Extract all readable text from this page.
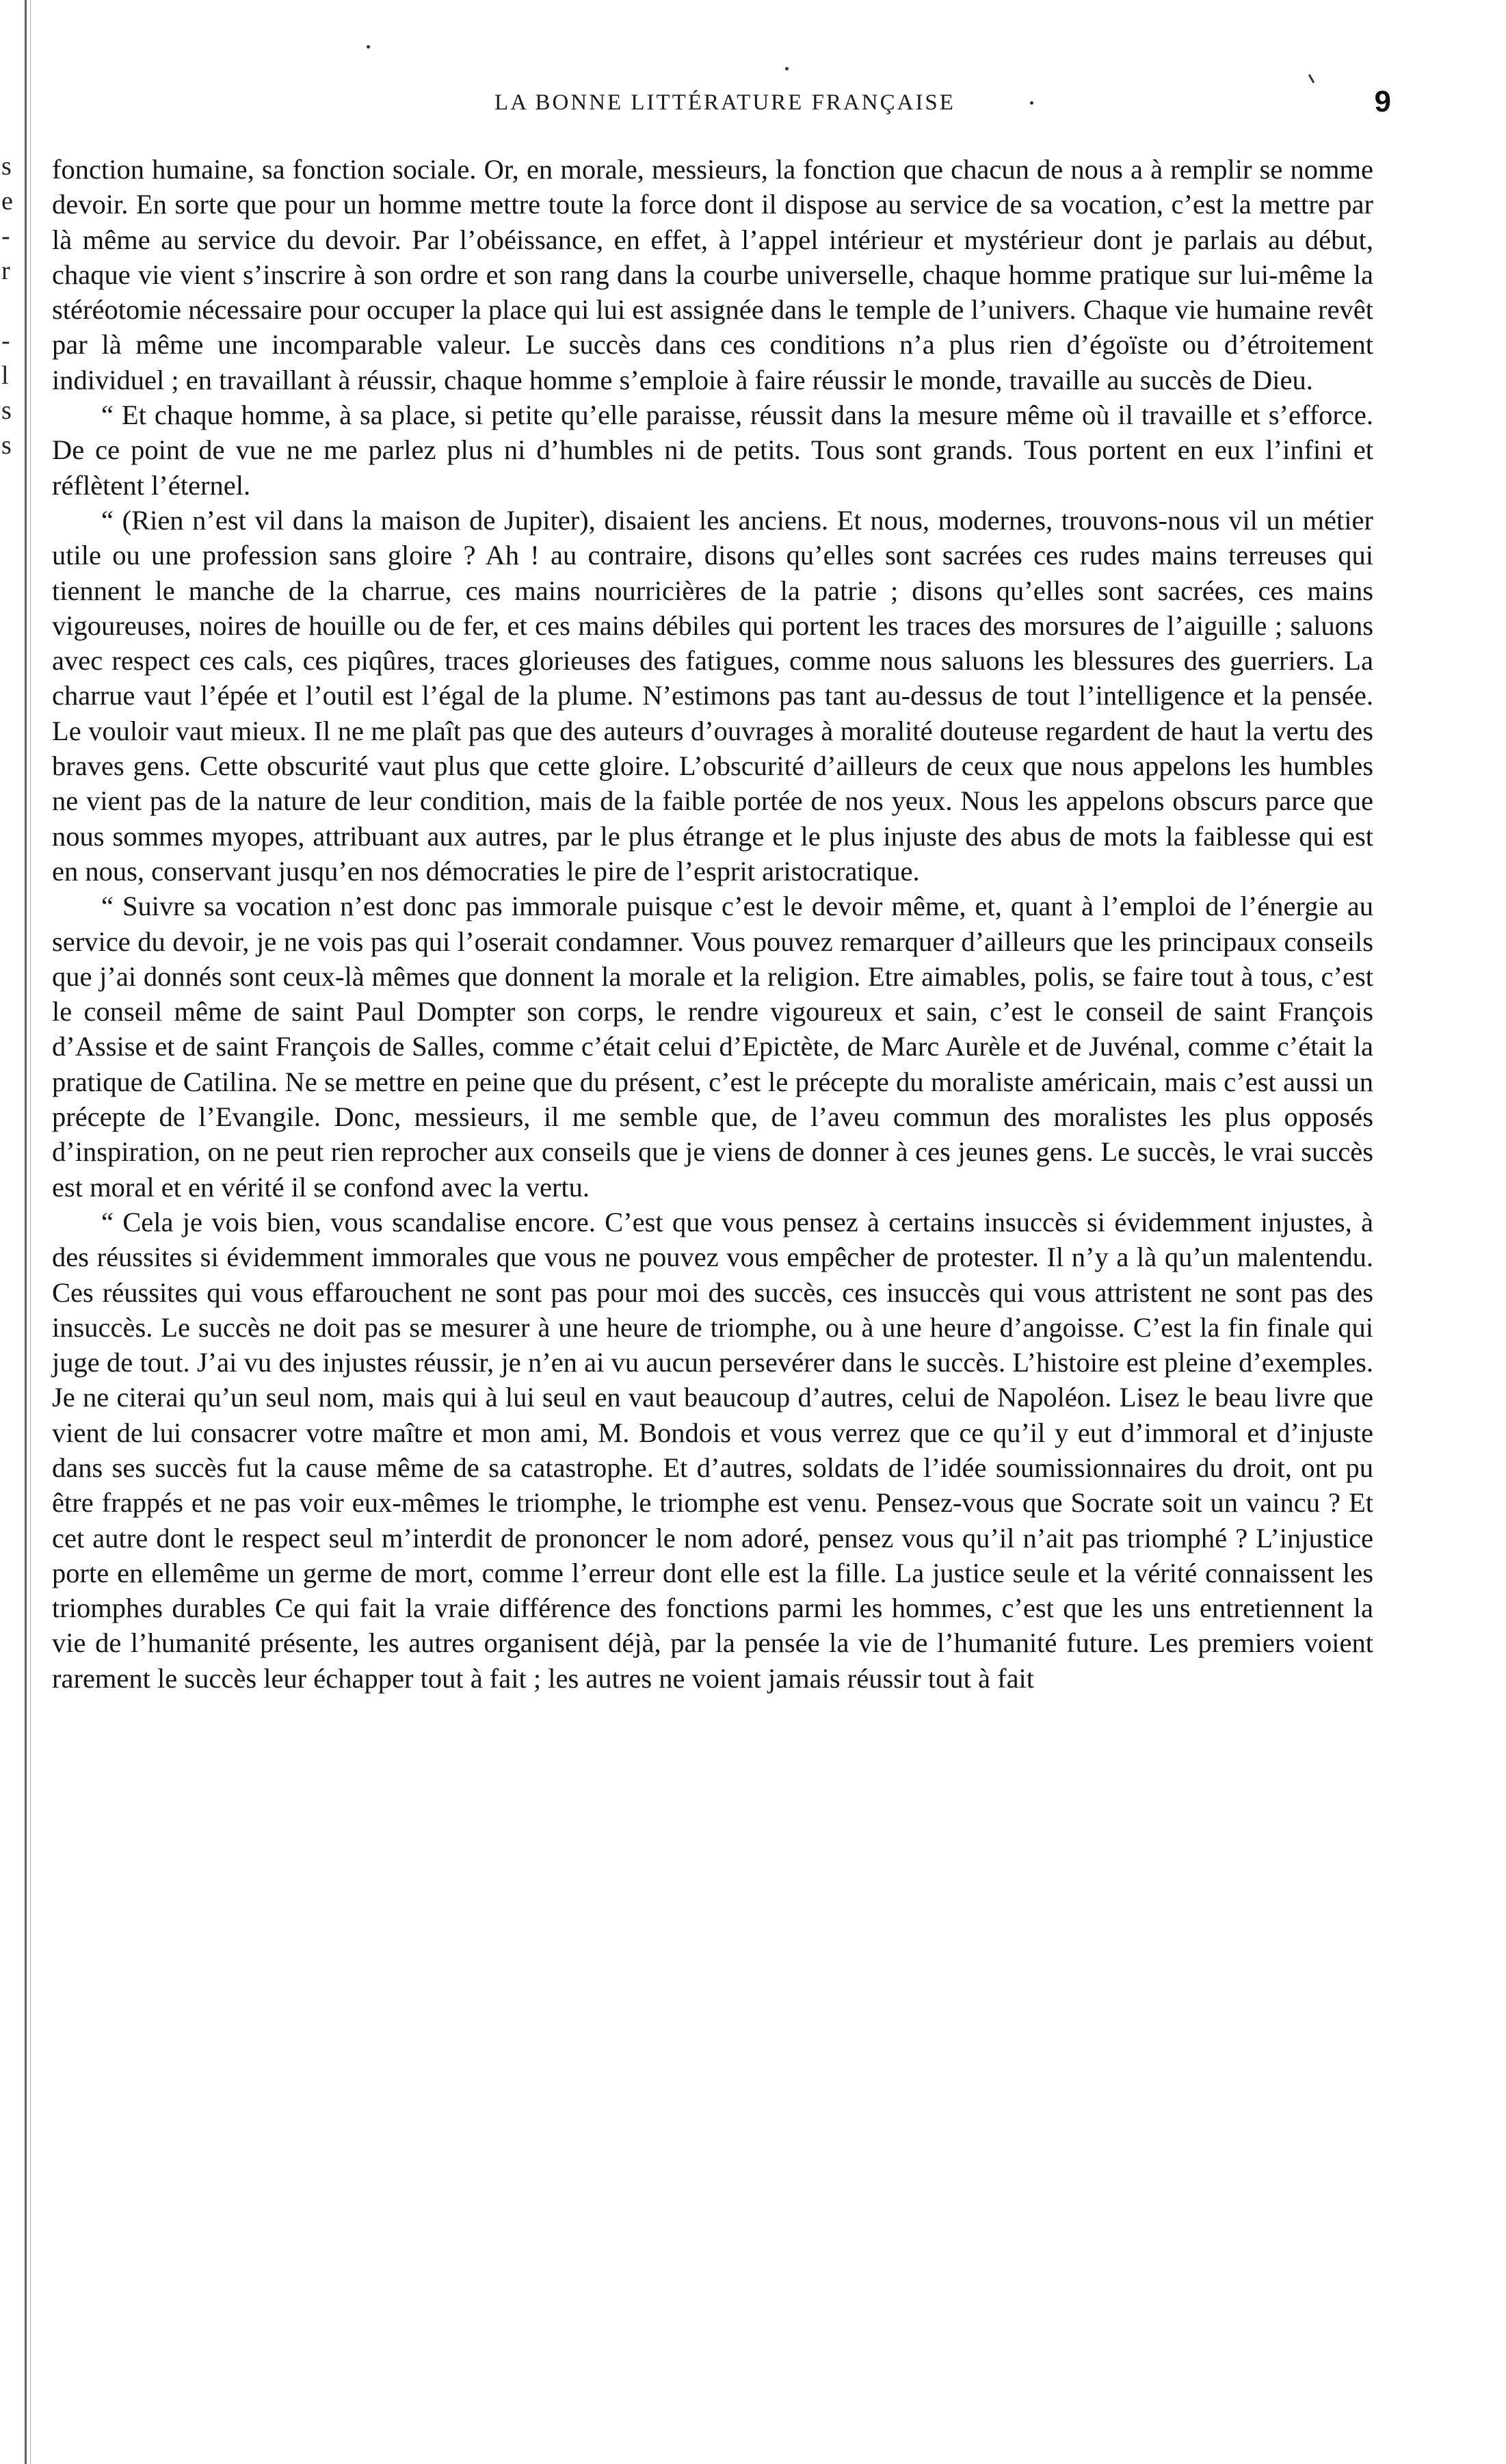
s
e
-
r
-
l
s
s
LA BONNE LITTÉRATURE FRANÇAISE	9

fonction humaine, sa fonction sociale. Or, en morale, messieurs, la fonction que chacun de nous a à remplir se nomme devoir. En sorte que pour un homme mettre toute la force dont il dispose au service de sa vocation, c’est la mettre par là même au service du devoir. Par l’obéissance, en effet, à l’appel intérieur et mystérieur dont je parlais au début, chaque vie vient s’inscrire à son ordre et son rang dans la courbe universelle, chaque homme pratique sur lui-même la stéréotomie nécessaire pour occuper la place qui lui est assignée dans le temple de l’univers. Chaque vie humaine revêt par là même une incomparable valeur. Le succès dans ces conditions n’a plus rien d’égoïste ou d’étroitement individuel ; en travaillant à réussir, chaque homme s’emploie à faire réussir le monde, travaille au succès de Dieu.

“ Et chaque homme, à sa place, si petite qu’elle paraisse, réussit dans la mesure même où il travaille et s’efforce. De ce point de vue ne me parlez plus ni d’humbles ni de petits. Tous sont grands. Tous portent en eux l’infini et réflètent l’éternel.

“ (Rien n’est vil dans la maison de Jupiter), disaient les anciens. Et nous, modernes, trouvons-nous vil un métier utile ou une profession sans gloire ? Ah ! au contraire, disons qu’elles sont sacrées ces rudes mains terreuses qui tiennent le manche de la charrue, ces mains nourricières de la patrie ; disons qu’elles sont sacrées, ces mains vigoureuses, noires de houille ou de fer, et ces mains débiles qui portent les traces des morsures de l’aiguille ; saluons avec respect ces cals, ces piqûres, traces glorieuses des fatigues, comme nous saluons les blessures des guerriers. La charrue vaut l’épée et l’outil est l’égal de la plume. N’estimons pas tant au-dessus de tout l’intelligence et la pensée. Le vouloir vaut mieux. Il ne me plaît pas que des auteurs d’ouvrages à moralité douteuse regardent de haut la vertu des braves gens. Cette obscurité vaut plus que cette gloire. L’obscurité d’ailleurs de ceux que nous appelons les humbles ne vient pas de la nature de leur condition, mais de la faible portée de nos yeux. Nous les appelons obscurs parce que nous sommes myopes, attribuant aux autres, par le plus étrange et le plus injuste des abus de mots la faiblesse qui est en nous, conservant jusqu’en nos démocraties le pire de l’esprit aristocratique.

“ Suivre sa vocation n’est donc pas immorale puisque c’est le devoir même, et, quant à l’emploi de l’énergie au service du devoir, je ne vois pas qui l’oserait condamner. Vous pouvez remarquer d’ailleurs que les principaux conseils que j’ai donnés sont ceux-là mêmes que donnent la morale et la religion. Etre aimables, polis, se faire tout à tous, c’est le conseil même de saint Paul Dompter son corps, le rendre vigoureux et sain, c’est le conseil de saint François d’Assise et de saint François de Salles, comme c’était celui d’Epictète, de Marc Aurèle et de Juvénal, comme c’était la pratique de Catilina. Ne se mettre en peine que du présent, c’est le précepte du moraliste américain, mais c’est aussi un précepte de l’Evangile. Donc, messieurs, il me semble que, de l’aveu commun des moralistes les plus opposés d’inspiration, on ne peut rien reprocher aux conseils que je viens de donner à ces jeunes gens. Le succès, le vrai succès est moral et en vérité il se confond avec la vertu.

“ Cela je vois bien, vous scandalise encore. C’est que vous pensez à certains insuccès si évidemment injustes, à des réussites si évidemment immorales que vous ne pouvez vous empêcher de protester. Il n’y a là qu’un malentendu. Ces réussites qui vous effarouchent ne sont pas pour moi des succès, ces insuccès qui vous attristent ne sont pas des insuccès. Le succès ne doit pas se mesurer à une heure de triomphe, ou à une heure d’angoisse. C’est la fin finale qui juge de tout. J’ai vu des injustes réussir, je n’en ai vu aucun persevérer dans le succès. L’histoire est pleine d’exemples. Je ne citerai qu’un seul nom, mais qui à lui seul en vaut beaucoup d’autres, celui de Napoléon. Lisez le beau livre que vient de lui consacrer votre maître et mon ami, M. Bondois et vous verrez que ce qu’il y eut d’immoral et d’injuste dans ses succès fut la cause même de sa catastrophe. Et d’autres, soldats de l’idée soumissionnaires du droit, ont pu être frappés et ne pas voir eux-mêmes le triomphe, le triomphe est venu. Pensez-vous que Socrate soit un vaincu ? Et cet autre dont le respect seul m’interdit de prononcer le nom adoré, pensez vous qu’il n’ait pas triomphé ? L’injustice porte en ellemême un germe de mort, comme l’erreur dont elle est la fille. La justice seule et la vérité connaissent les triomphes durables Ce qui fait la vraie différence des fonctions parmi les hommes, c’est que les uns entretiennent la vie de l’humanité présente, les autres organisent déjà, par la pensée la vie de l’humanité future. Les premiers voient rarement le succès leur échapper tout à fait ; les autres ne voient jamais réussir tout à fait
